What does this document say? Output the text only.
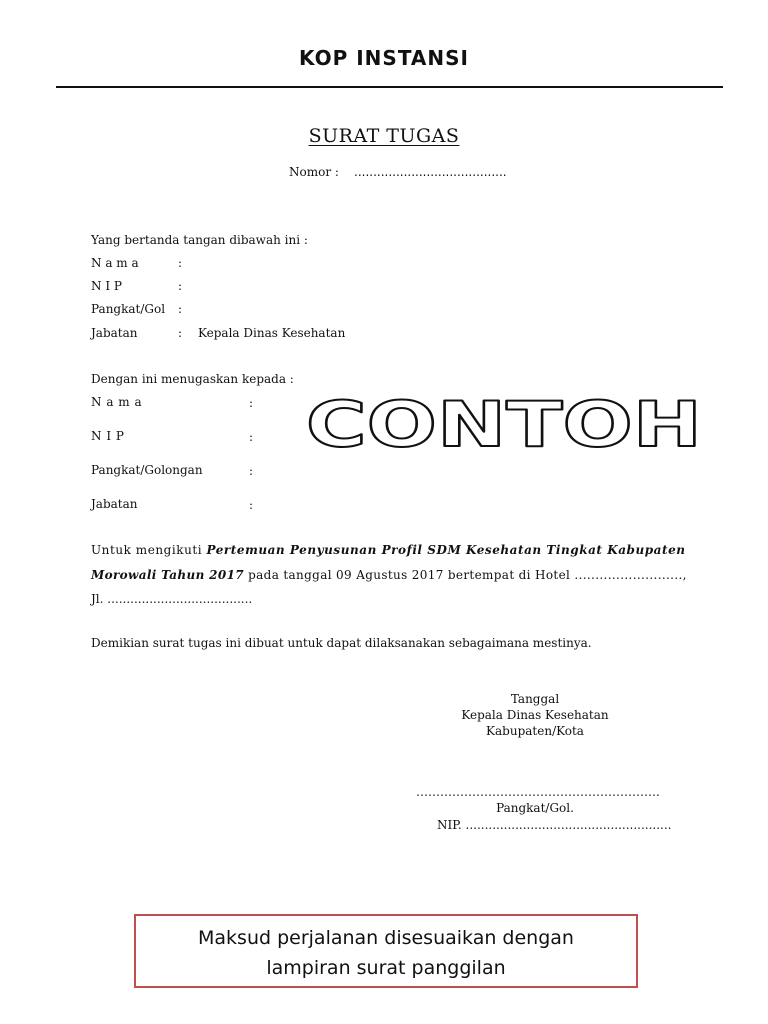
KOP INSTANSI
SURAT TUGAS
Nomor : ........................................
Yang bertanda tangan dibawah ini :
N a m a	:
N I P	:
Pangkat/Gol :
Jabatan	: Kepala Dinas Kesehatan
Dengan ini menugaskan kepada :
N a m a	:
N I P	:
Pangkat/Golongan	:
Jabatan	:
CONTOH
Untuk mengikuti Pertemuan Penyusunan Profil SDM Kesehatan Tingkat Kabupaten
Morowali Tahun 2017 pada tanggal 09 Agustus 2017 bertempat di Hotel ..........................,
Jl. ......................................
Demikian surat tugas ini dibuat untuk dapat dilaksanakan sebagaimana mestinya.
Tanggal
Kepala Dinas Kesehatan
Kabupaten/Kota
…………………………………………………….
Pangkat/Gol.
NIP. ......................................................
Maksud perjalanan disesuaikan dengan
lampiran surat panggilan
